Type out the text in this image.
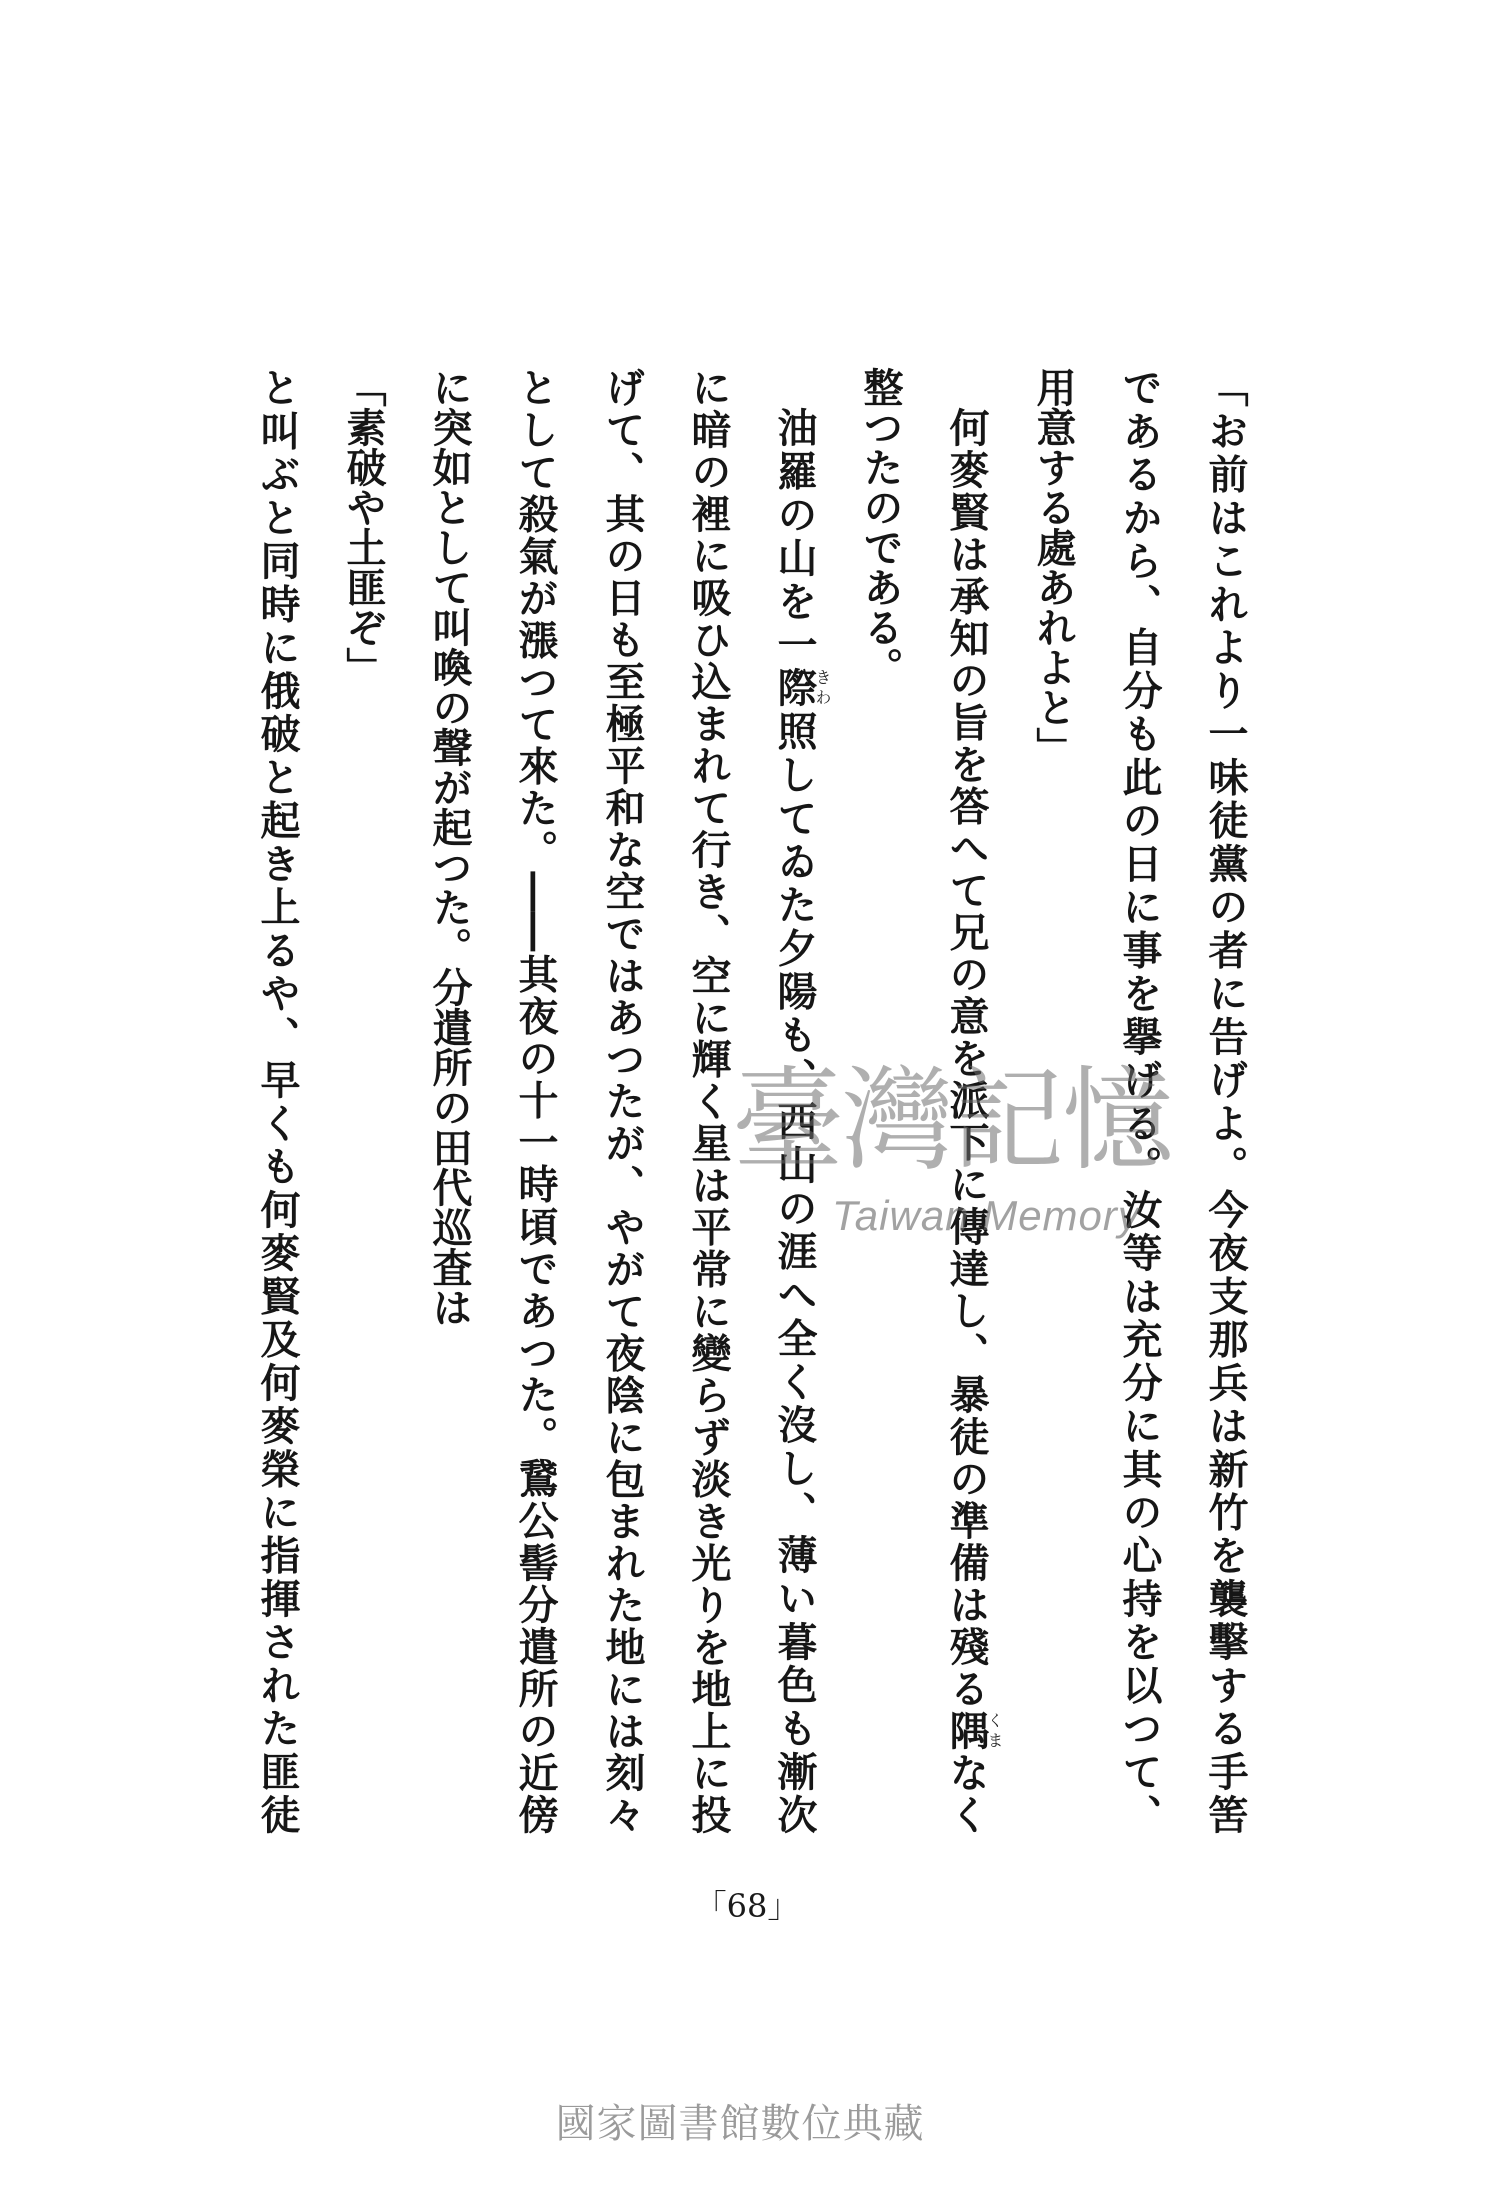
「お前はこれより一味徒黨の者に告げよ。今夜支那兵は新竹を襲擊する手筈
であるから、自分も此の日に事を擧げる。汝等は充分に其の心持を以つて、
用意する處あれよと」
何麥賢は承知の旨を答へて兄の意を派下に傳達し、暴徒の準備は殘る隅くまなく
整つたのである。
油羅の山を一際きわ照してゐた夕陽も、西山の涯へ全く沒し、薄い暮色も漸次
に暗の裡に吸ひ込まれて行き、空に輝く星は平常に變らず淡き光りを地上に投
げて、其の日も至極平和な空ではあつたが、やがて夜陰に包まれた地には刻々
として殺氣が漲つて來た。――其夜の十一時頃であつた。鵞公髻分遣所の近傍
に突如として叫喚の聲が起つた。分遣所の田代巡査は
「素破や土匪ぞ」
と叫ぶと同時に俄破と起き上るや、早くも何麥賢及何麥榮に指揮された匪徒
「68」
臺灣記憶
Taiwan Memory
國家圖書館數位典藏
